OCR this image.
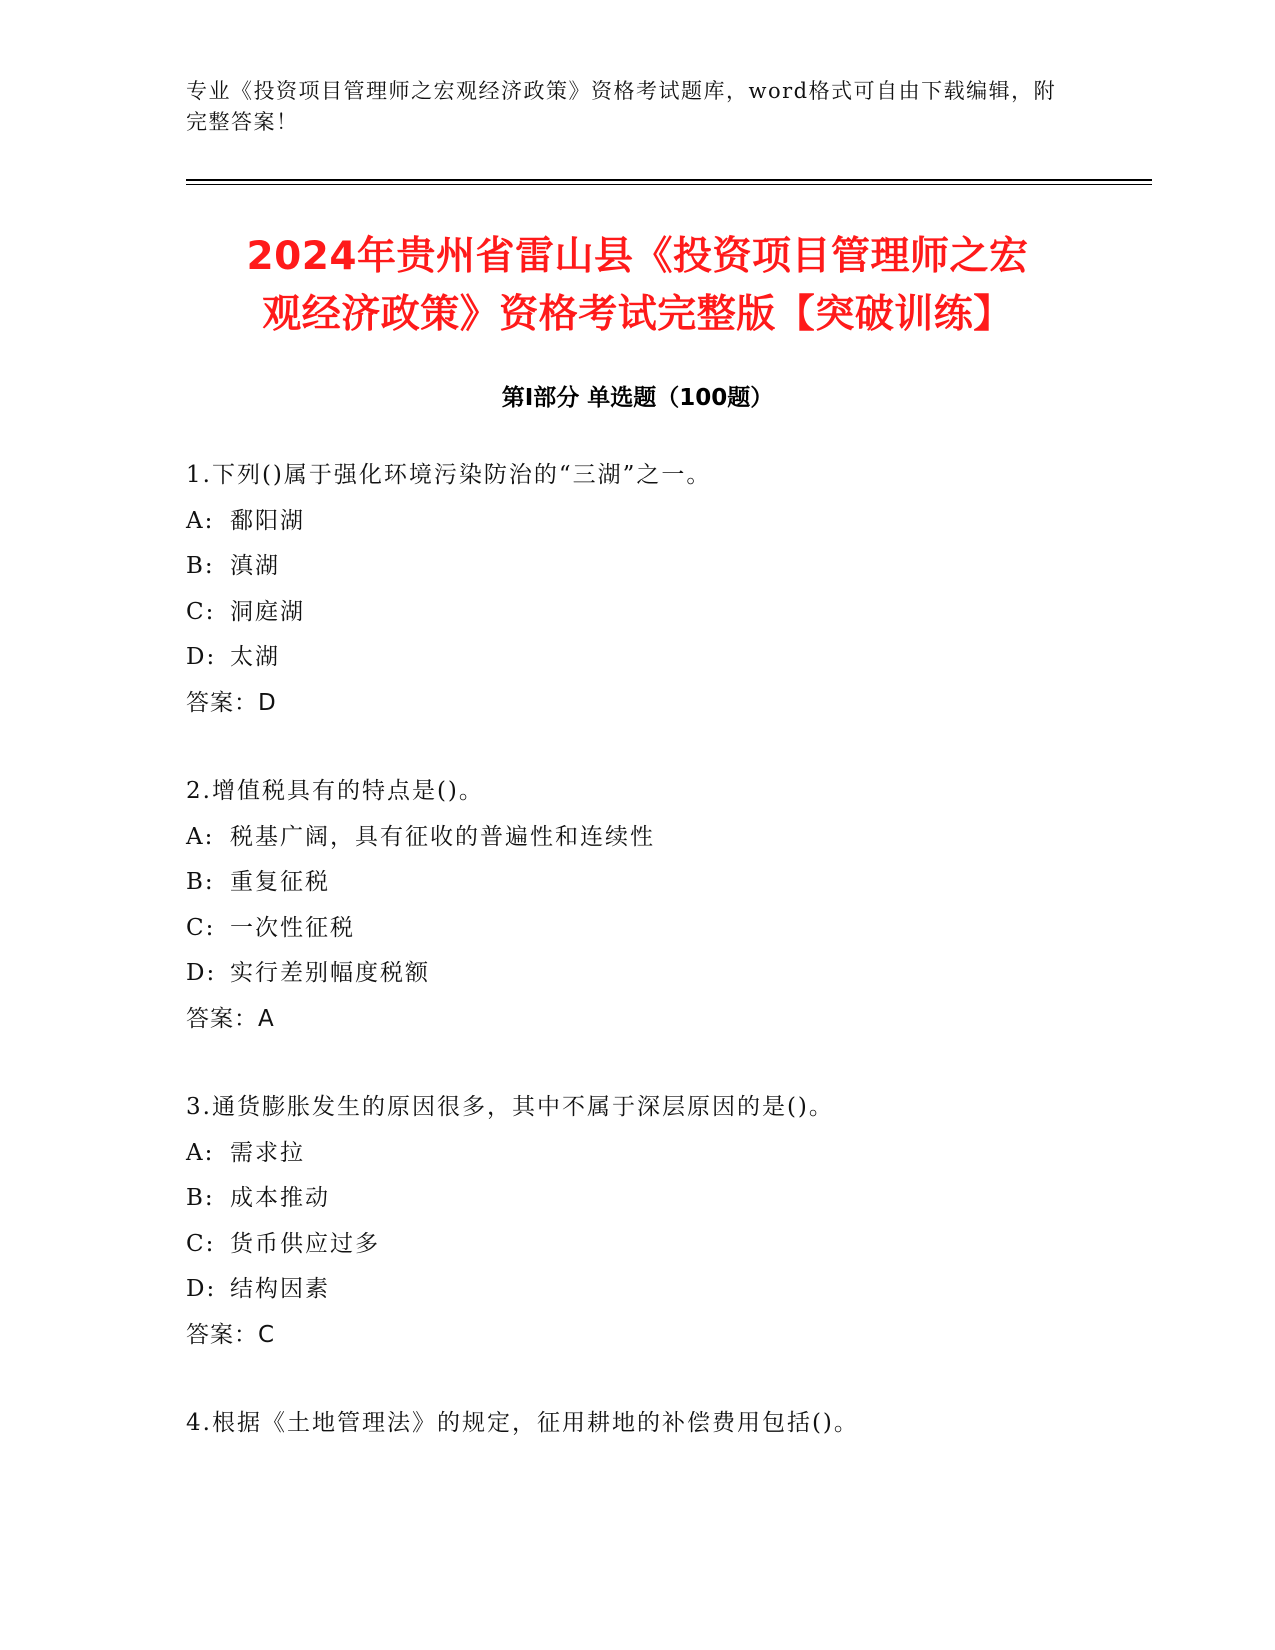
专业《投资项目管理师之宏观经济政策》资格考试题库，word格式可自由下载编辑，附完整答案！
2024年贵州省雷山县《投资项目管理师之宏
观经济政策》资格考试完整版【突破训练】
第I部分 单选题（100题）
1.下列()属于强化环境污染防治的“三湖”之一。
A: 鄱阳湖
B: 滇湖
C: 洞庭湖
D: 太湖
答案：D
2.增值税具有的特点是()。
A: 税基广阔，具有征收的普遍性和连续性
B: 重复征税
C: 一次性征税
D: 实行差别幅度税额
答案：A
3.通货膨胀发生的原因很多，其中不属于深层原因的是()。
A: 需求拉
B: 成本推动
C: 货币供应过多
D: 结构因素
答案：C
4.根据《土地管理法》的规定，征用耕地的补偿费用包括()。
